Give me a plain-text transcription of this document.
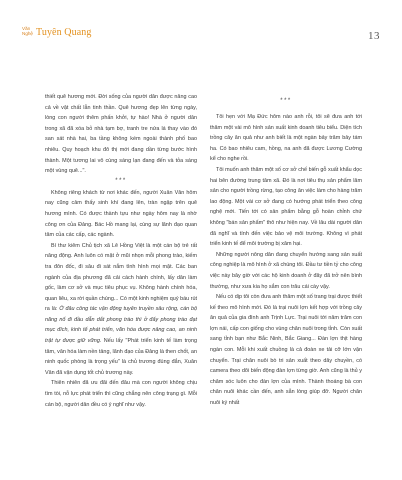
Văn
Nghệ Tuyên Quang	13

thiết quê hương mới. Đời sống của người dân được nâng cao cả về vật chất lẫn tinh thần. Quê hương đẹp lên từng ngày, lòng con người thêm phấn khởi, tự hào! Nhà ở người dân trong xã đã xóa bỏ nhà tạm bợ, tranh tre nứa lá thay vào đó san sát nhà hai, ba tầng không kém ngoài thành phố bao nhiêu. Quy hoạch khu đô thị mới đang dần từng bước hình thành. Một tương lai vô cùng sáng lạn đang đến và tỏa sáng một vùng quê...".

***

Không riêng khách từ nơi khác đến, người Xuân Vân hôm nay cũng cảm thấy sinh khí đang lên, tràn ngập trên quê hương mình. Có được thành tựu như ngày hôm nay là nhờ công ơn của Đảng. Bác Hồ mang lại, cùng sự lãnh đạo quan tâm của các cấp, các ngành.

Bí thư kiêm Chủ tịch xã Lê Hồng Việt là một cán bộ trẻ rất năng động. Anh luôn có mặt ở mũi nhọn mỗi phong trào, kiếm tra đôn đốc, đi sâu đi sát nắm tình hình mọi mặt. Các ban ngành của địa phương đã cải cách hành chính, lấy dân làm gốc, làm cơ sở và mục tiêu phục vụ. Không hành chính hóa, quan liêu, xa rời quần chúng... Có một kinh nghiệm quý báu rút ra là: Ở đâu công tác vận động tuyên truyền sâu rộng, cán bộ năng nổ đi đầu dẫn dắt phong trào thì ở đấy phong trào đạt mục đích, kinh tế phát triển, văn hóa được nâng cao, an ninh trật tự được giữ vững. Nếu lấy "Phát triển kinh tế làm trọng tâm, văn hóa làm nền tảng, lãnh đạo của Đảng là then chốt, an ninh quốc phòng là trọng yếu" là chủ trương đúng đắn, Xuân Vân đã vận dụng tốt chủ trương này.

Thiên nhiên đã ưu đãi đến đâu mà con người không chịu tìm tòi, nỗ lực phát triển thì cũng chẳng nên công trạng gì. Mỗi cán bộ, người dân đều có ý nghĩ như vậy.

***

Tôi hẹn với Mạ Đức hôm nào anh rỗi, tôi sẽ đưa anh tới thăm một vài mô hình sản xuất kinh doanh tiêu biểu. Diện tích trồng cây ăn quả như anh biết là một ngàn bảy trăm bảy tám ha. Có bao nhiêu cam, hồng, na anh đã được Lương Cường kể cho nghe rồi.

Tôi muốn anh thăm một số cơ sở chế biến gỗ xuất khẩu dọc hai bên đường trung tâm xã. Đó là nơi tiêu thụ sản phẩm lâm sản cho người trồng rừng, tạo công ăn việc làm cho hàng trăm lao động. Một vài cơ sở đang có hướng phát triển theo công nghệ mới. Tiến tới có sản phẩm bằng gỗ hoàn chỉnh chứ không "bán sản phẩm" thô như hiện nay. Về lâu dài người dân đã nghĩ và tính đến việc bảo vệ môi trường. Không vì phát triển kinh tế để môi trường bị xâm hại.

Những người nông dân đang chuyển hướng sang sản xuất công nghiệp là mô hình ở xã chúng tôi. Đầu tư tiền tỷ cho công việc này bây giờ với các hộ kinh doanh ở đây đã trở nên bình thường, như xưa kia họ sắm con trâu cái cày vậy.

Nếu có dịp tôi còn đưa anh thăm một số trang trại được thiết kế theo mô hình mới. Đó là trại nuôi lợn kết hợp với trồng cây ăn quả của gia đình anh Trịnh Lực. Trại nuôi tới năm trăm con lợn nái, cấp con giống cho vùng chăn nuôi trong tỉnh. Còn xuất sang tỉnh bạn như Bắc Ninh, Bắc Giang... Đàn lợn thịt hàng ngàn con. Mỗi khi xuất chuồng là cả đoàn xe tải cỡ lớn vận chuyển. Trại chăn nuôi bò tri sản xuất theo dây chuyền, có camera theo dõi biến động đàn lợn từng giờ. Anh cũng là thủ y chăm sóc luôn cho đàn lợn của mình. Thành thoáng bà con chăn nuôi khác cần đến, anh sẵn lòng giúp đỡ. Người chăn nuôi ký nhất
